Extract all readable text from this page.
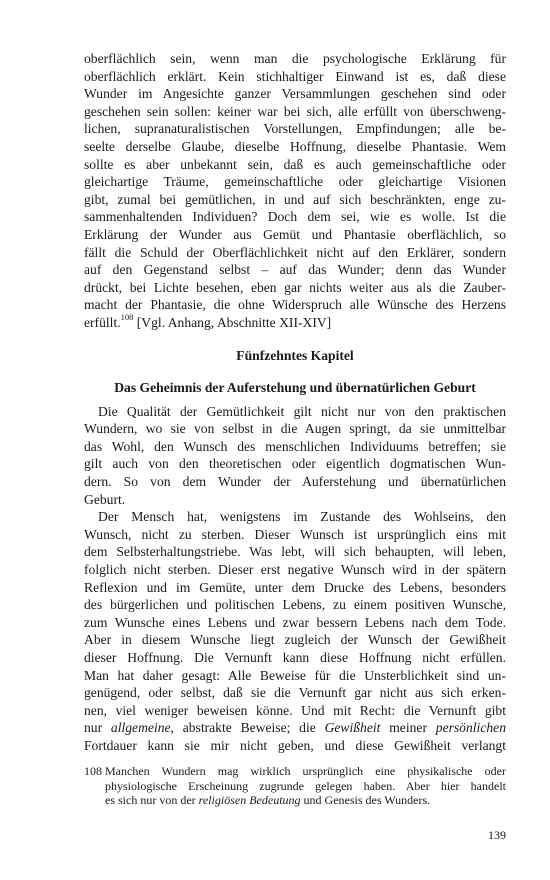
oberflächlich sein, wenn man die psychologische Erklärung für
oberflächlich erklärt. Kein stichhaltiger Einwand ist es, daß diese
Wunder im Angesichte ganzer Versammlungen geschehen sind oder
geschehen sein sollen: keiner war bei sich, alle erfüllt von überschweng-
lichen, supranaturalistischen Vorstellungen, Empfindungen; alle be-
seelte derselbe Glaube, dieselbe Hoffnung, dieselbe Phantasie. Wem
sollte es aber unbekannt sein, daß es auch gemeinschaftliche oder
gleichartige Träume, gemeinschaftliche oder gleichartige Visionen
gibt, zumal bei gemütlichen, in und auf sich beschränkten, enge zu-
sammenhaltenden Individuen? Doch dem sei, wie es wolle. Ist die
Erklärung der Wunder aus Gemüt und Phantasie oberflächlich, so
fällt die Schuld der Oberflächlichkeit nicht auf den Erklärer, sondern
auf den Gegenstand selbst – auf das Wunder; denn das Wunder
drückt, bei Lichte besehen, eben gar nichts weiter aus als die Zauber-
macht der Phantasie, die ohne Widerspruch alle Wünsche des Herzens
erfüllt.$^{108}$ [Vgl. Anhang, Abschnitte XII-XIV]
Fünfzehntes Kapitel
Das Geheimnis der Auferstehung und übernatürlichen Geburt
Die Qualität der Gemütlichkeit gilt nicht nur von den praktischen
Wundern, wo sie von selbst in die Augen springt, da sie unmittelbar
das Wohl, den Wunsch des menschlichen Individuums betreffen; sie
gilt auch von den theoretischen oder eigentlich dogmatischen Wun-
dern. So von dem Wunder der Auferstehung und übernatürlichen
Geburt.
Der Mensch hat, wenigstens im Zustande des Wohlseins, den
Wunsch, nicht zu sterben. Dieser Wunsch ist ursprünglich eins mit
dem Selbsterhaltungstriebe. Was lebt, will sich behaupten, will leben,
folglich nicht sterben. Dieser erst negative Wunsch wird in der spätern
Reflexion und im Gemüte, unter dem Drucke des Lebens, besonders
des bürgerlichen und politischen Lebens, zu einem positiven Wunsche,
zum Wunsche eines Lebens und zwar bessern Lebens nach dem Tode.
Aber in diesem Wunsche liegt zugleich der Wunsch der Gewißheit
dieser Hoffnung. Die Vernunft kann diese Hoffnung nicht erfüllen.
Man hat daher gesagt: Alle Beweise für die Unsterblichkeit sind un-
genügend, oder selbst, daß sie die Vernunft gar nicht aus sich erken-
nen, viel weniger beweisen könne. Und mit Recht: die Vernunft gibt
nur allgemeine, abstrakte Beweise; die Gewißheit meiner persönlichen
Fortdauer kann sie mir nicht geben, und diese Gewißheit verlangt
108 Manchen Wundern mag wirklich ursprünglich eine physikalische oder
physiologische Erscheinung zugrunde gelegen haben. Aber hier handelt
es sich nur von der religiösen Bedeutung und Genesis des Wunders.
139
